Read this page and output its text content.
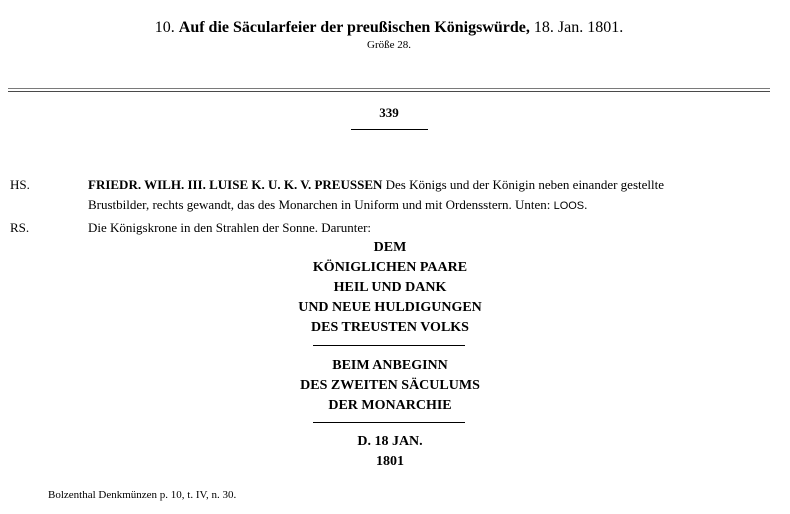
10. Auf die Säcularfeier der preußischen Königswürde, 18. Jan. 1801.
Größe 28.
339
HS.	FRIEDR. WILH. III. LUISE K. U. K. V. PREUSSEN Des Königs und der Königin neben einander gestellte
Brustbilder, rechts gewandt, das des Monarchen in Uniform und mit Ordensstern. Unten: LOOS.
RS.	Die Königskrone in den Strahlen der Sonne. Darunter:
DEM
KÖNIGLICHEN PAARE
HEIL UND DANK
UND NEUE HULDIGUNGEN
DES TREUSTEN VOLKS
BEIM ANBEGINN
DES ZWEITEN SÄCULUMS
DER MONARCHIE
D. 18 JAN.
1801
Bolzenthal Denkmünzen p. 10, t. IV, n. 30.
